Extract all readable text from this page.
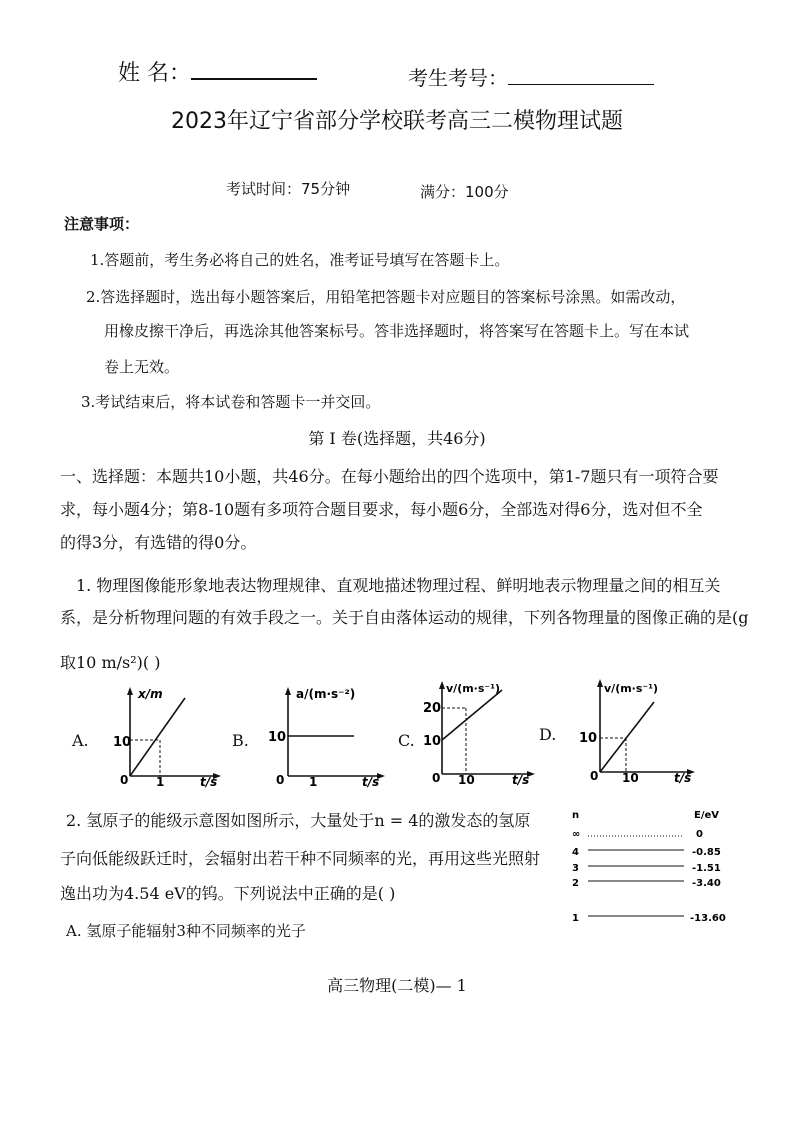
姓 名：	考生考号：
2023年辽宁省部分学校联考高三二模物理试题
考试时间：75分钟	满分：100分
注意事项：
1.答题前，考生务必将自己的姓名，准考证号填写在答题卡上。
2.答选择题时，选出每小题答案后，用铅笔把答题卡对应题目的答案标号涂黑。如需改动，
用橡皮擦干净后，再选涂其他答案标号。答非选择题时，将答案写在答题卡上。写在本试
卷上无效。
3.考试结束后，将本试卷和答题卡一并交回。
第 I 卷(选择题，共46分)
一、选择题：本题共10小题，共46分。在每小题给出的四个选项中，第1-7题只有一项符合要
求，每小题4分；第8-10题有多项符合题目要求，每小题6分，全部选对得6分，选对但不全
的得3分，有选错的得0分。
1. 物理图像能形象地表达物理规律、直观地描述物理过程、鲜明地表示物理量之间的相互关
系，是分析物理问题的有效手段之一。关于自由落体运动的规律，下列各物理量的图像正确的是(g
取10 m/s²)( )
A.
x/m
10
0 1	t/s
B.
a/(m·s⁻²)
10
0 1	t/s
C.
v/(m·s⁻¹)
20
10
0 10	t/s
D.
v/(m·s⁻¹)
10
0 10	t/s
2. 氢原子的能级示意图如图所示，大量处于n = 4的激发态的氢原
子向低能级跃迁时，会辐射出若干种不同频率的光，再用这些光照射
逸出功为4.54 eV的钨。下列说法中正确的是( )
A. 氢原子能辐射3种不同频率的光子
n	E/eV
∞	0
4	-0.85
3	-1.51
2	-3.40
1	-13.60
高三物理(二模)— 1
